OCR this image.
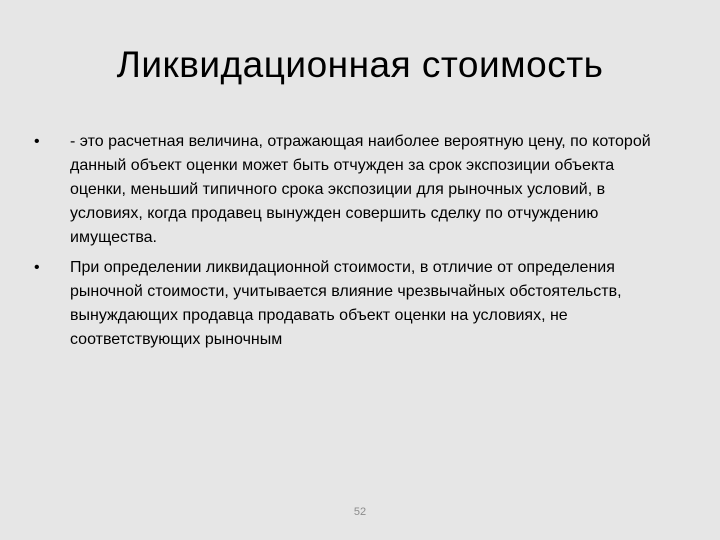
Ликвидационная стоимость
• - это расчетная величина, отражающая наиболее вероятную цену, по которой данный объект оценки может быть отчужден за срок экспозиции объекта оценки, меньший типичного срока экспозиции для рыночных условий, в условиях, когда продавец вынужден совершить сделку по отчуждению имущества.
• При определении ликвидационной стоимости, в отличие от определения рыночной стоимости, учитывается влияние чрезвычайных обстоятельств, вынуждающих продавца продавать объект оценки на условиях, не соответствующих рыночным
52
